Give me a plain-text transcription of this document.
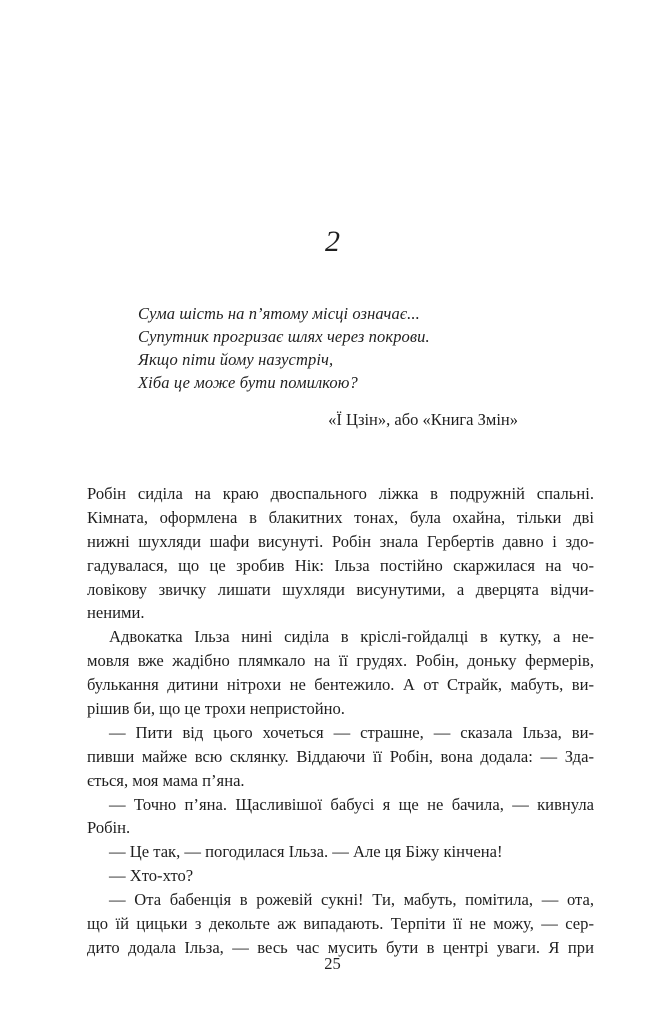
2
Сума шість на п’ятому місці означає...
Супутник прогризає шлях через покрови.
Якщо піти йому назустріч,
Хіба це може бути помилкою?
«Ї Цзін», або «Книга Змін»
Робін сиділа на краю двоспального ліжка в подружній спальні.
Кімната, оформлена в блакитних тонах, була охайна, тільки дві
нижні шухляди шафи висунуті. Робін знала Гербертів давно і здо-
гадувалася, що це зробив Нік: Ільза постійно скаржилася на чо-
ловікову звичку лишати шухляди висунутими, а дверцята відчи-
неними.
Адвокатка Ільза нині сиділа в кріслі-гойдалці в кутку, а не-
мовля вже жадібно плямкало на її грудях. Робін, доньку фермерів,
булькання дитини нітрохи не бентежило. А от Страйк, мабуть, ви-
рішив би, що це трохи непристойно.
— Пити від цього хочеться — страшне, — сказала Ільза, ви-
пивши майже всю склянку. Віддаючи її Робін, вона додала: — Зда-
ється, моя мама п’яна.
— Точно п’яна. Щасливішої бабусі я ще не бачила, — кивнула
Робін.
— Це так, — погодилася Ільза. — Але ця Біжу кінчена!
— Хто-хто?
— Ота бабенція в рожевій сукні! Ти, мабуть, помітила, — ота,
що їй цицьки з декольте аж випадають. Терпіти її не можу, — сер-
дито додала Ільза, — весь час мусить бути в центрі уваги. Я при
25
